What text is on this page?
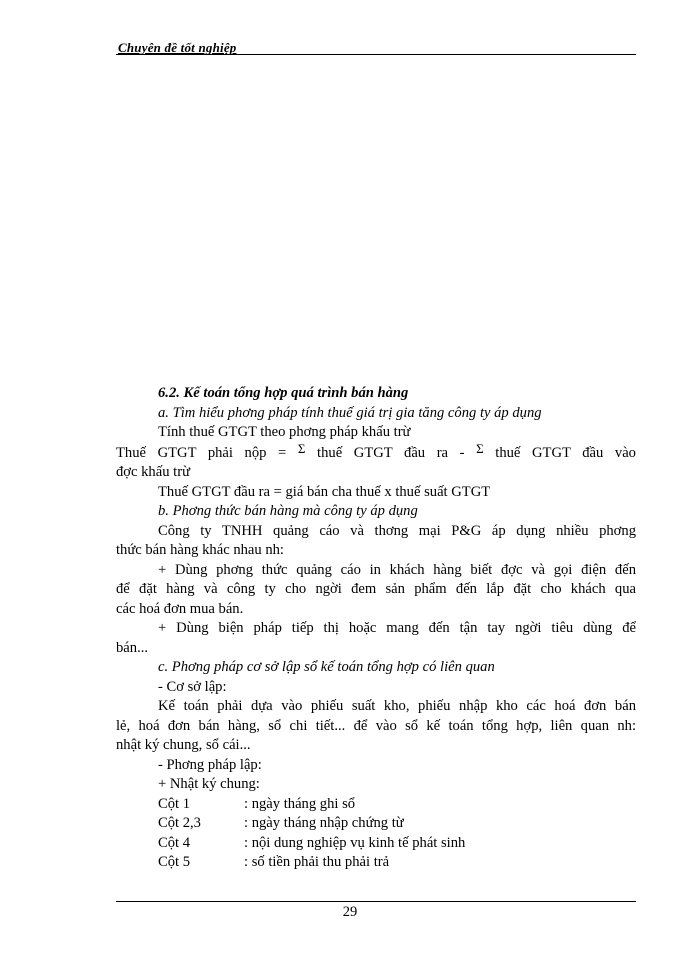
Chuyên đề tốt nghiệp
6.2. Kế toán tổng hợp quá trình bán hàng
a. Tìm hiểu phơng pháp tính thuế giá trị gia tăng công ty áp dụng
Tính thuế GTGT theo phơng pháp khấu trừ
Thuế GTGT phải nộp = Σ thuế GTGT đầu ra - Σ thuế GTGT đầu vào
đợc khấu trừ
Thuế GTGT đầu ra = giá bán cha thuế x thuế suất GTGT
b. Phơng thức bán hàng mà công ty áp dụng
Công ty TNHH quảng cáo và thơng mại P&G áp dụng nhiều phơng
thức bán hàng khác nhau nh:
+ Dùng phơng thức quảng cáo in khách hàng biết đợc và gọi điện đến
để đặt hàng và công ty cho ngời đem sản phẩm đến lắp đặt cho khách qua
các hoá đơn mua bán.
+ Dùng biện pháp tiếp thị hoặc mang đến tận tay ngời tiêu dùng để
bán...
c. Phơng pháp cơ sở lập sổ kế toán tổng hợp có liên quan
- Cơ sở lập:
Kế toán phải dựa vào phiếu suất kho, phiếu nhập kho các hoá đơn bán
lẻ, hoá đơn bán hàng, sổ chi tiết... để vào sổ kế toán tổng hợp, liên quan nh:
nhật ký chung, sổ cái...
- Phơng pháp lập:
+ Nhật ký chung:
Cột 1	: ngày tháng ghi sổ
Cột 2,3	: ngày tháng nhập chứng từ
Cột 4	: nội dung nghiệp vụ kinh tế phát sinh
Cột 5	: số tiền phải thu phải trả
29
